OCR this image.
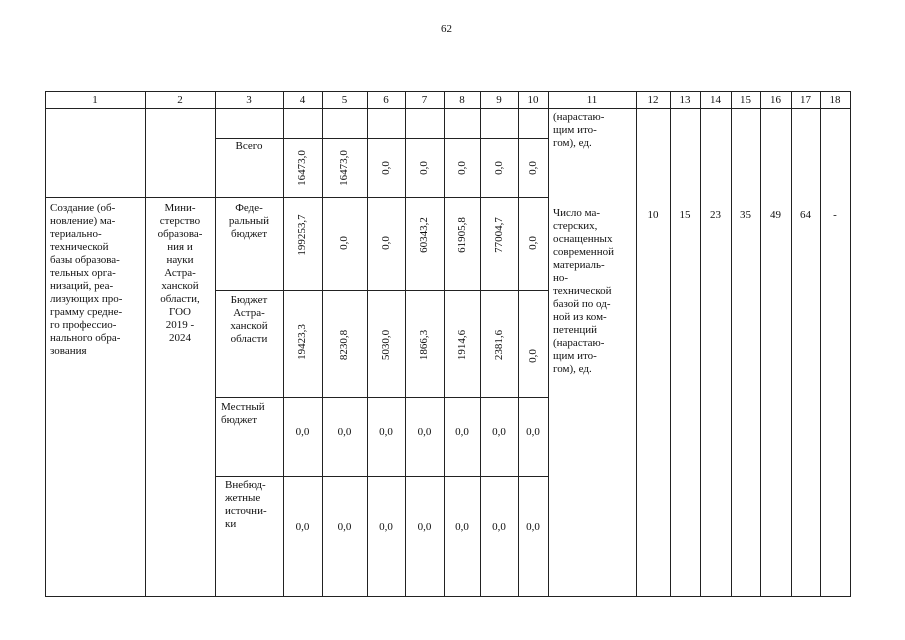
62
1	2	3	4	5	6	7	8	9	10	11	12	13	14	15	16	17	18
(нарастаю-
щим ито-
гом), ед.
Всего
16473,0	16473,0	0,0 0,0 0,0 0,0 0,0
Создание (об-
новление) ма-
териально-
технической
базы образова-
тельных орга-
низаций, реа-
лизующих про-
грамму средне-
го профессио-
нального обра-
зования
Мини-
стерство
образова-
ния и
науки
Астра-
ханской
области,
ГОО
2019 -
2024
Число ма-
стерских,
оснащенных
современной
материаль-
но-
технической
базой по од-
ной из ком-
петенций
(нарастаю-
щим ито-
гом), ед.
10	15	23	35	49	64	-
Феде-
ральный
бюджет	199253,7	0,0	0,0 60343,2 61905,8 77004,7 0,0
Бюджет
Астра-
ханской
области	19423,3	8230,8	5030,0 1866,3 1914,6 2381,6 0,0
Местный
бюджет
0,0	0,0	0,0	0,0	0,0	0,0	0,0
Внебюд-
жетные
источни-
ки	0,0	0,0	0,0	0,0	0,0	0,0	0,0
